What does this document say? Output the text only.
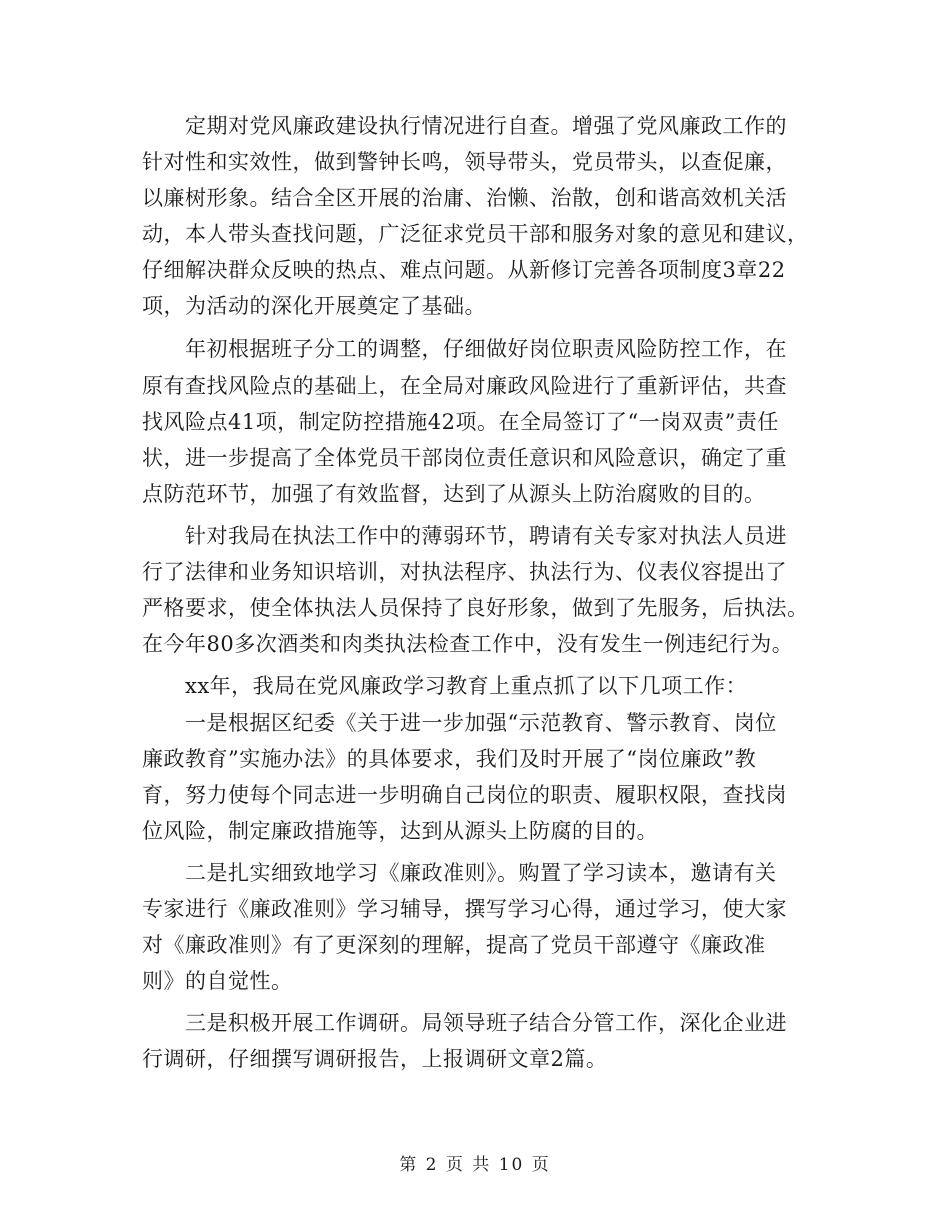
　　定期对党风廉政建设执行情况进行自查。增强了党风廉政工作的
针对性和实效性，做到警钟长鸣，领导带头，党员带头，以查促廉，
以廉树形象。结合全区开展的治庸、治懒、治散，创和谐高效机关活
动，本人带头查找问题，广泛征求党员干部和服务对象的意见和建议，
仔细解决群众反映的热点、难点问题。从新修订完善各项制度3章22
项，为活动的深化开展奠定了基础。
　　年初根据班子分工的调整，仔细做好岗位职责风险防控工作，在
原有查找风险点的基础上，在全局对廉政风险进行了重新评估，共查
找风险点41项，制定防控措施42项。在全局签订了“一岗双责”责任
状，进一步提高了全体党员干部岗位责任意识和风险意识，确定了重
点防范环节，加强了有效监督，达到了从源头上防治腐败的目的。
　　针对我局在执法工作中的薄弱环节，聘请有关专家对执法人员进
行了法律和业务知识培训，对执法程序、执法行为、仪表仪容提出了
严格要求，使全体执法人员保持了良好形象，做到了先服务，后执法。
在今年80多次酒类和肉类执法检查工作中，没有发生一例违纪行为。
　　xx年，我局在党风廉政学习教育上重点抓了以下几项工作：
　　一是根据区纪委《关于进一步加强“示范教育、警示教育、岗位
廉政教育”实施办法》的具体要求，我们及时开展了“岗位廉政”教
育，努力使每个同志进一步明确自己岗位的职责、履职权限，查找岗
位风险，制定廉政措施等，达到从源头上防腐的目的。
　　二是扎实细致地学习《廉政准则》。购置了学习读本，邀请有关
专家进行《廉政准则》学习辅导，撰写学习心得，通过学习，使大家
对《廉政准则》有了更深刻的理解，提高了党员干部遵守《廉政准
则》的自觉性。
　　三是积极开展工作调研。局领导班子结合分管工作，深化企业进
行调研，仔细撰写调研报告，上报调研文章2篇。
第 2 页 共 10 页
